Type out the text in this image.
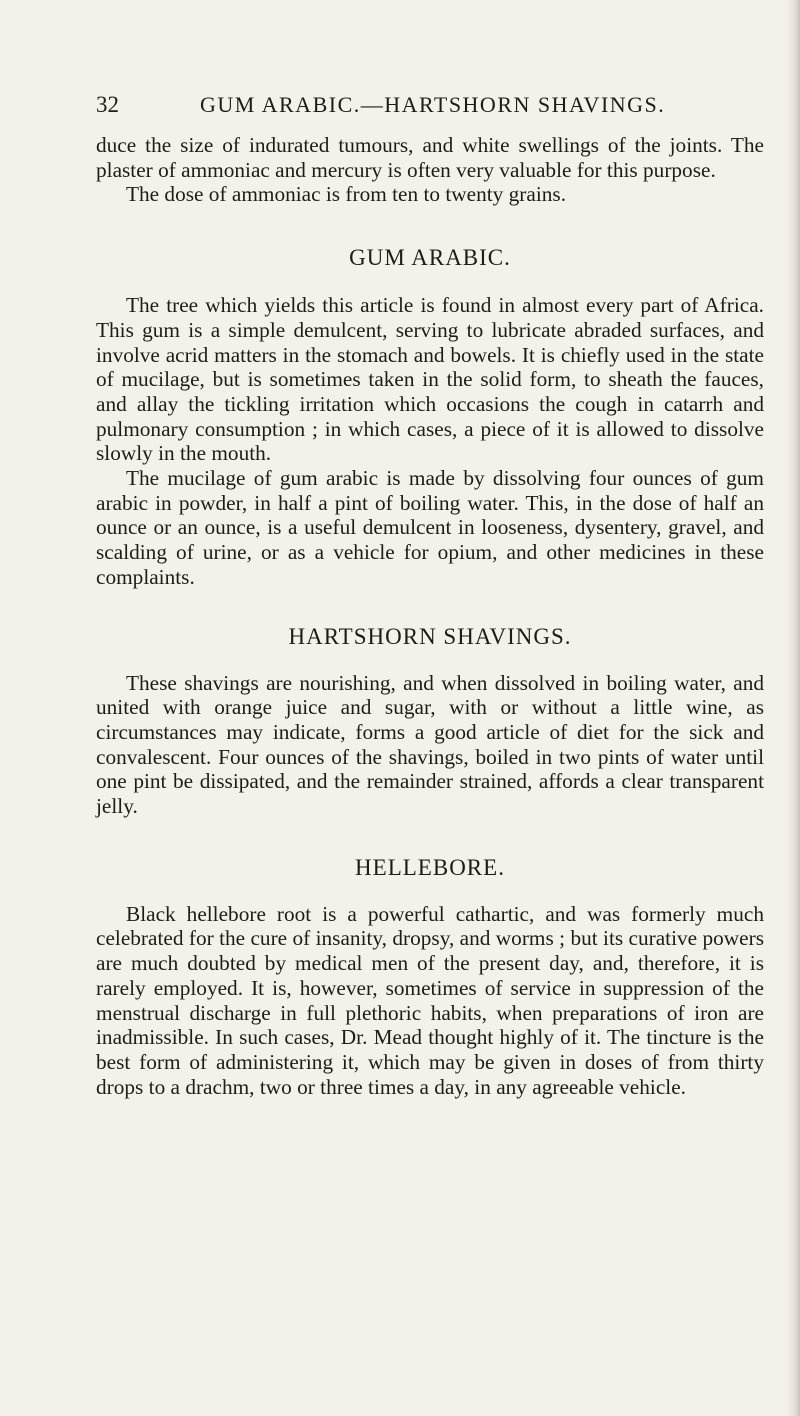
32	GUM ARABIC.—HARTSHORN SHAVINGS.

duce the size of indurated tumours, and white swellings of the joints. The plaster of ammoniac and mercury is often very valuable for this purpose.

The dose of ammoniac is from ten to twenty grains.

GUM ARABIC.

The tree which yields this article is found in almost every part of Africa. This gum is a simple demulcent, serving to lubricate abraded surfaces, and involve acrid matters in the stomach and bowels. It is chiefly used in the state of mucilage, but is sometimes taken in the solid form, to sheath the fauces, and allay the tickling irritation which occasions the cough in catarrh and pulmonary consumption ; in which cases, a piece of it is allowed to dissolve slowly in the mouth.

The mucilage of gum arabic is made by dissolving four ounces of gum arabic in powder, in half a pint of boiling water. This, in the dose of half an ounce or an ounce, is a useful demulcent in looseness, dysentery, gravel, and scalding of urine, or as a vehicle for opium, and other medicines in these complaints.

HARTSHORN SHAVINGS.

These shavings are nourishing, and when dissolved in boiling water, and united with orange juice and sugar, with or without a little wine, as circumstances may indicate, forms a good article of diet for the sick and convalescent. Four ounces of the shavings, boiled in two pints of water until one pint be dissipated, and the remainder strained, affords a clear transparent jelly.

HELLEBORE.

Black hellebore root is a powerful cathartic, and was formerly much celebrated for the cure of insanity, dropsy, and worms ; but its curative powers are much doubted by medical men of the present day, and, therefore, it is rarely employed. It is, however, sometimes of service in suppression of the menstrual discharge in full plethoric habits, when preparations of iron are inadmissible. In such cases, Dr. Mead thought highly of it. The tincture is the best form of administering it, which may be given in doses of from thirty drops to a drachm, two or three times a day, in any agreeable vehicle.
